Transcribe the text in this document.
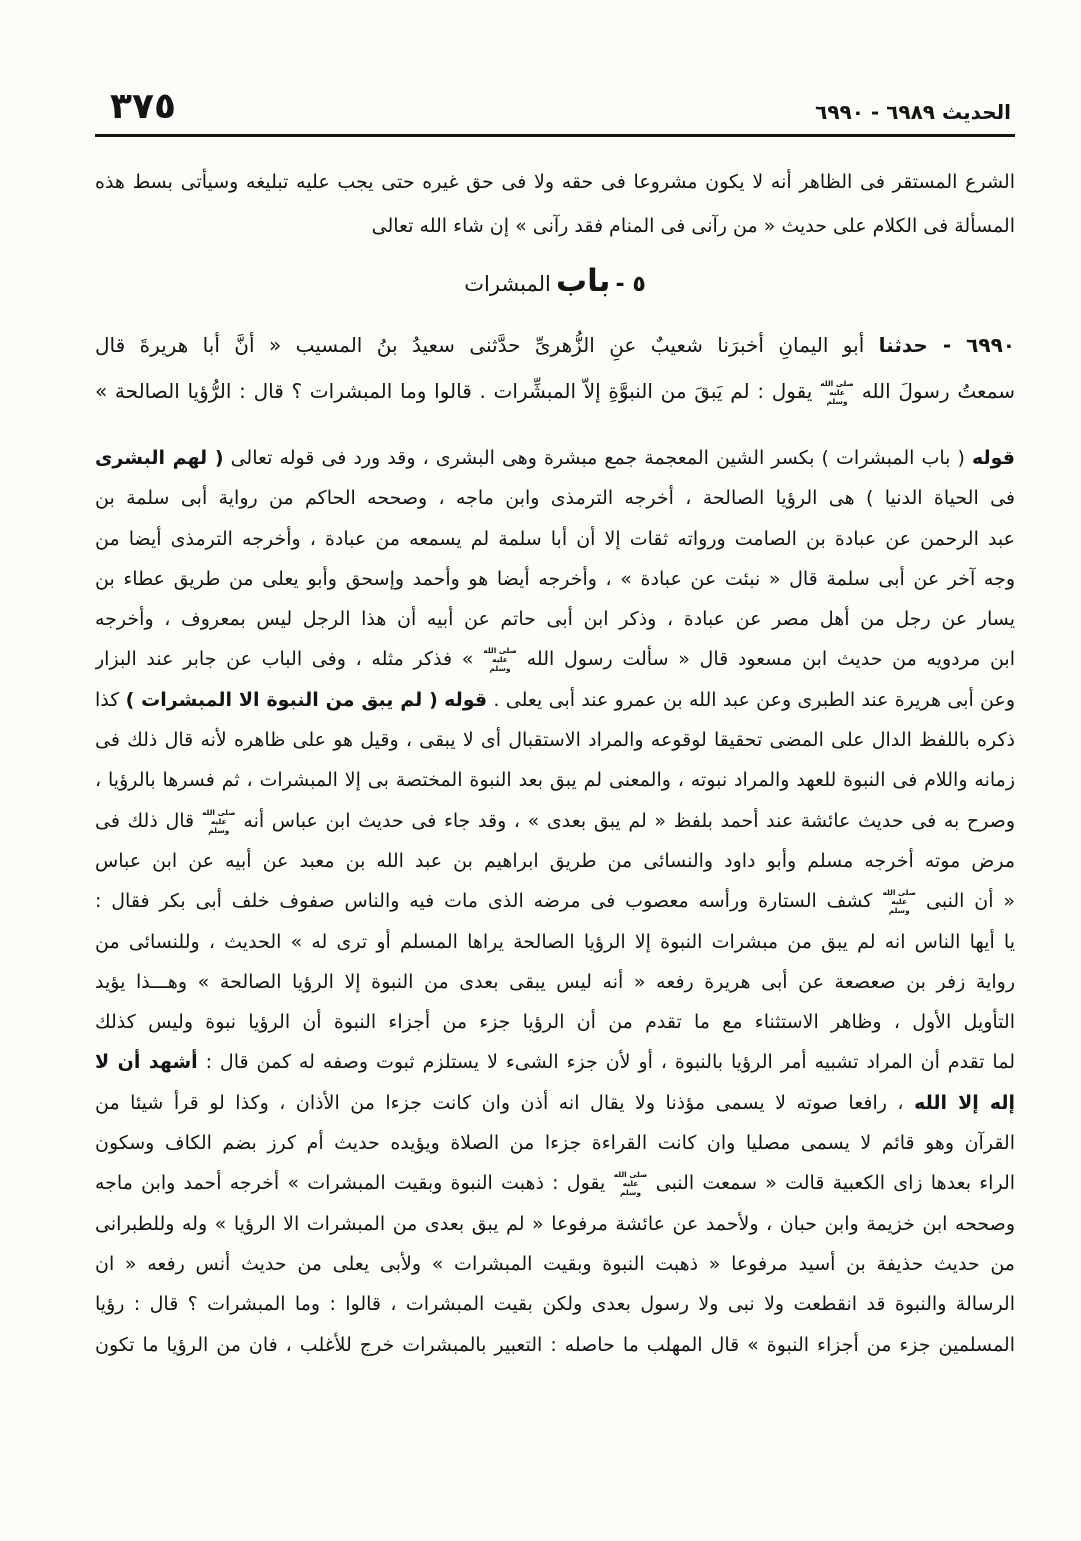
٣٧٥	الحديث ٦٩٨٩ - ٦٩٩٠
الشرع المستقر فى الظاهر أنه لا يكون مشروعا فى حقه ولا فى حق غيره حتى يجب عليه تبليغه وسيأتى بسط هذه
المسألة فى الكلام على حديث « من رآنى فى المنام فقد رآنى » إن شاء الله تعالى
٥ - باب المبشرات
٦٩٩٠ - حدثنا أبو اليمانِ أخبرَنا شعيبٌ عنِ الزُّهرىِّ حدَّثنى سعيدُ بنُ المسيب « أنَّ أبا هريرةَ قال
سمعتُ رسولَ الله صلى الله عليه وسلم يقول : لم يَبقَ من النبوَّةِ إلاّ المبشِّرات . قالوا وما المبشرات ؟ قال : الرُّؤيا الصالحة »
قوله ( باب المبشرات ) بكسر الشين المعجمة جمع مبشرة وهى البشرى ، وقد ورد فى قوله تعالى ( لهم البشرى
فى الحياة الدنيا ) هى الرؤيا الصالحة ، أخرجه الترمذى وابن ماجه ، وصححه الحاكم من رواية أبى سلمة بن
عبد الرحمن عن عبادة بن الصامت ورواته ثقات إلا أن أبا سلمة لم يسمعه من عبادة ، وأخرجه الترمذى أيضا من
وجه آخر عن أبى سلمة قال « نبئت عن عبادة » ، وأخرجه أيضا هو وأحمد وإسحق وأبو يعلى من طريق عطاء بن
يسار عن رجل من أهل مصر عن عبادة ، وذكر ابن أبى حاتم عن أبيه أن هذا الرجل ليس بمعروف ، وأخرجه
ابن مردويه من حديث ابن مسعود قال « سألت رسول الله صلى الله عليه وسلم » فذكر مثله ، وفى الباب عن جابر عند البزار
وعن أبى هريرة عند الطبرى وعن عبد الله بن عمرو عند أبى يعلى . قوله ( لم يبق من النبوة الا المبشرات ) كذا
ذكره باللفظ الدال على المضى تحقيقا لوقوعه والمراد الاستقبال أى لا يبقى ، وقيل هو على ظاهره لأنه قال ذلك فى
زمانه واللام فى النبوة للعهد والمراد نبوته ، والمعنى لم يبق بعد النبوة المختصة بى إلا المبشرات ، ثم فسرها بالرؤيا ،
وصرح به فى حديث عائشة عند أحمد بلفظ « لم يبق بعدى » ، وقد جاء فى حديث ابن عباس أنه صلى الله عليه وسلم قال ذلك فى
مرض موته أخرجه مسلم وأبو داود والنسائى من طريق ابراهيم بن عبد الله بن معبد عن أبيه عن ابن عباس
« أن النبى صلى الله عليه وسلم كشف الستارة ورأسه معصوب فى مرضه الذى مات فيه والناس صفوف خلف أبى بكر فقال :
يا أيها الناس انه لم يبق من مبشرات النبوة إلا الرؤيا الصالحة يراها المسلم أو ترى له » الحديث ، وللنسائى من
رواية زفر بن صعصعة عن أبى هريرة رفعه « أنه ليس يبقى بعدى من النبوة إلا الرؤيا الصالحة » وهـــذا يؤيد
التأويل الأول ، وظاهر الاستثناء مع ما تقدم من أن الرؤيا جزء من أجزاء النبوة أن الرؤيا نبوة وليس كذلك
لما تقدم أن المراد تشبيه أمر الرؤيا بالنبوة ، أو لأن جزء الشىء لا يستلزم ثبوت وصفه له كمن قال : أشهد أن لا
إله إلا الله ، رافعا صوته لا يسمى مؤذنا ولا يقال انه أذن وان كانت جزءا من الأذان ، وكذا لو قرأ شيئا من
القرآن وهو قائم لا يسمى مصليا وان كانت القراءة جزءا من الصلاة ويؤيده حديث أم كرز بضم الكاف وسكون
الراء بعدها زاى الكعبية قالت « سمعت النبى صلى الله عليه وسلم يقول : ذهبت النبوة وبقيت المبشرات » أخرجه أحمد وابن ماجه
وصححه ابن خزيمة وابن حبان ، ولأحمد عن عائشة مرفوعا « لم يبق بعدى من المبشرات الا الرؤيا » وله وللطبرانى
من حديث حذيفة بن أسيد مرفوعا « ذهبت النبوة وبقيت المبشرات » ولأبى يعلى من حديث أنس رفعه « ان
الرسالة والنبوة قد انقطعت ولا نبى ولا رسول بعدى ولكن بقيت المبشرات ، قالوا : وما المبشرات ؟ قال : رؤيا
المسلمين جزء من أجزاء النبوة » قال المهلب ما حاصله : التعبير بالمبشرات خرج للأغلب ، فان من الرؤيا ما تكون
